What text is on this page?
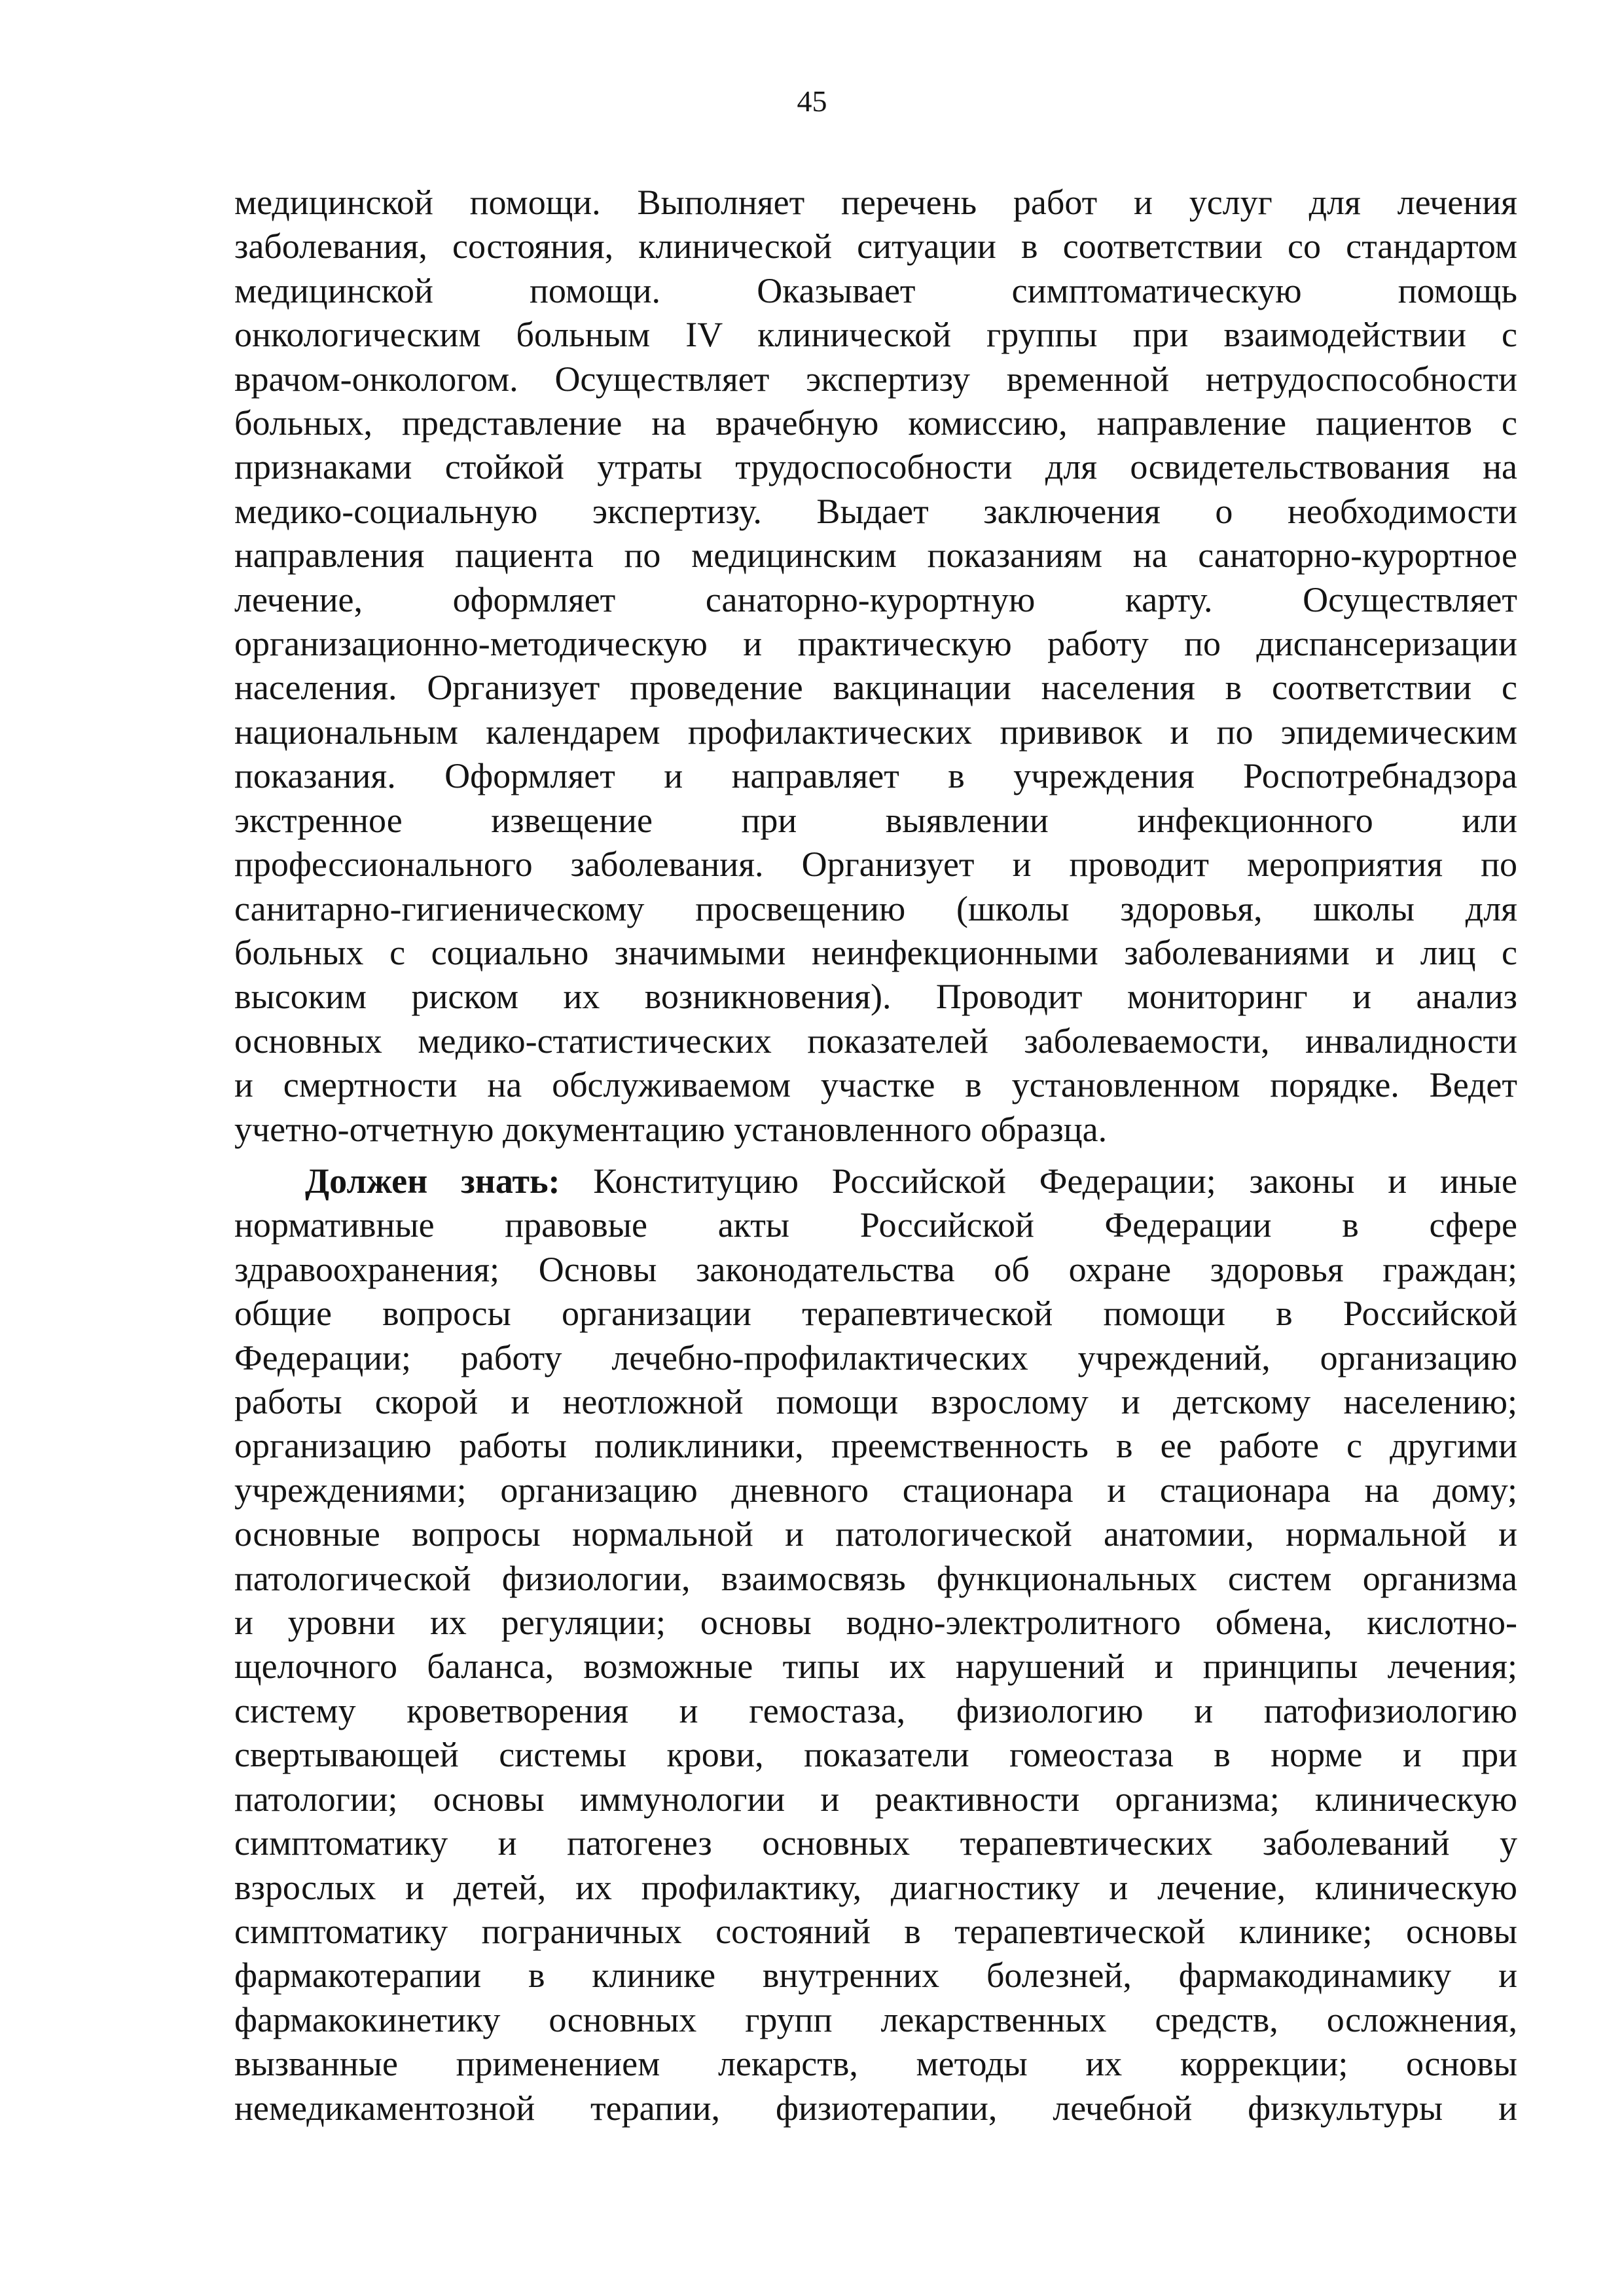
45
медицинской помощи. Выполняет перечень работ и услуг для лечения
заболевания, состояния, клинической ситуации в соответствии со стандартом
медицинской помощи. Оказывает симптоматическую помощь
онкологическим больным IV клинической группы при взаимодействии с
врачом-онкологом. Осуществляет экспертизу временной нетрудоспособности
больных, представление на врачебную комиссию, направление пациентов с
признаками стойкой утраты трудоспособности для освидетельствования на
медико-социальную экспертизу. Выдает заключения о необходимости
направления пациента по медицинским показаниям на санаторно-курортное
лечение, оформляет санаторно-курортную карту. Осуществляет
организационно-методическую и практическую работу по диспансеризации
населения. Организует проведение вакцинации населения в соответствии с
национальным календарем профилактических прививок и по эпидемическим
показания. Оформляет и направляет в учреждения Роспотребнадзора
экстренное извещение при выявлении инфекционного или
профессионального заболевания. Организует и проводит мероприятия по
санитарно-гигиеническому просвещению (школы здоровья, школы для
больных с социально значимыми неинфекционными заболеваниями и лиц с
высоким риском их возникновения). Проводит мониторинг и анализ
основных медико-статистических показателей заболеваемости, инвалидности
и смертности на обслуживаемом участке в установленном порядке. Ведет
учетно-отчетную документацию установленного образца.
Должен знать: Конституцию Российской Федерации; законы и иные
нормативные правовые акты Российской Федерации в сфере
здравоохранения; Основы законодательства об охране здоровья граждан;
общие вопросы организации терапевтической помощи в Российской
Федерации; работу лечебно-профилактических учреждений, организацию
работы скорой и неотложной помощи взрослому и детскому населению;
организацию работы поликлиники, преемственность в ее работе с другими
учреждениями; организацию дневного стационара и стационара на дому;
основные вопросы нормальной и патологической анатомии, нормальной и
патологической физиологии, взаимосвязь функциональных систем организма
и уровни их регуляции; основы водно-электролитного обмена, кислотно-
щелочного баланса, возможные типы их нарушений и принципы лечения;
систему кроветворения и гемостаза, физиологию и патофизиологию
свертывающей системы крови, показатели гомеостаза в норме и при
патологии; основы иммунологии и реактивности организма; клиническую
симптоматику и патогенез основных терапевтических заболеваний у
взрослых и детей, их профилактику, диагностику и лечение, клиническую
симптоматику пограничных состояний в терапевтической клинике; основы
фармакотерапии в клинике внутренних болезней, фармакодинамику и
фармакокинетику основных групп лекарственных средств, осложнения,
вызванные применением лекарств, методы их коррекции; основы
немедикаментозной терапии, физиотерапии, лечебной физкультуры и
